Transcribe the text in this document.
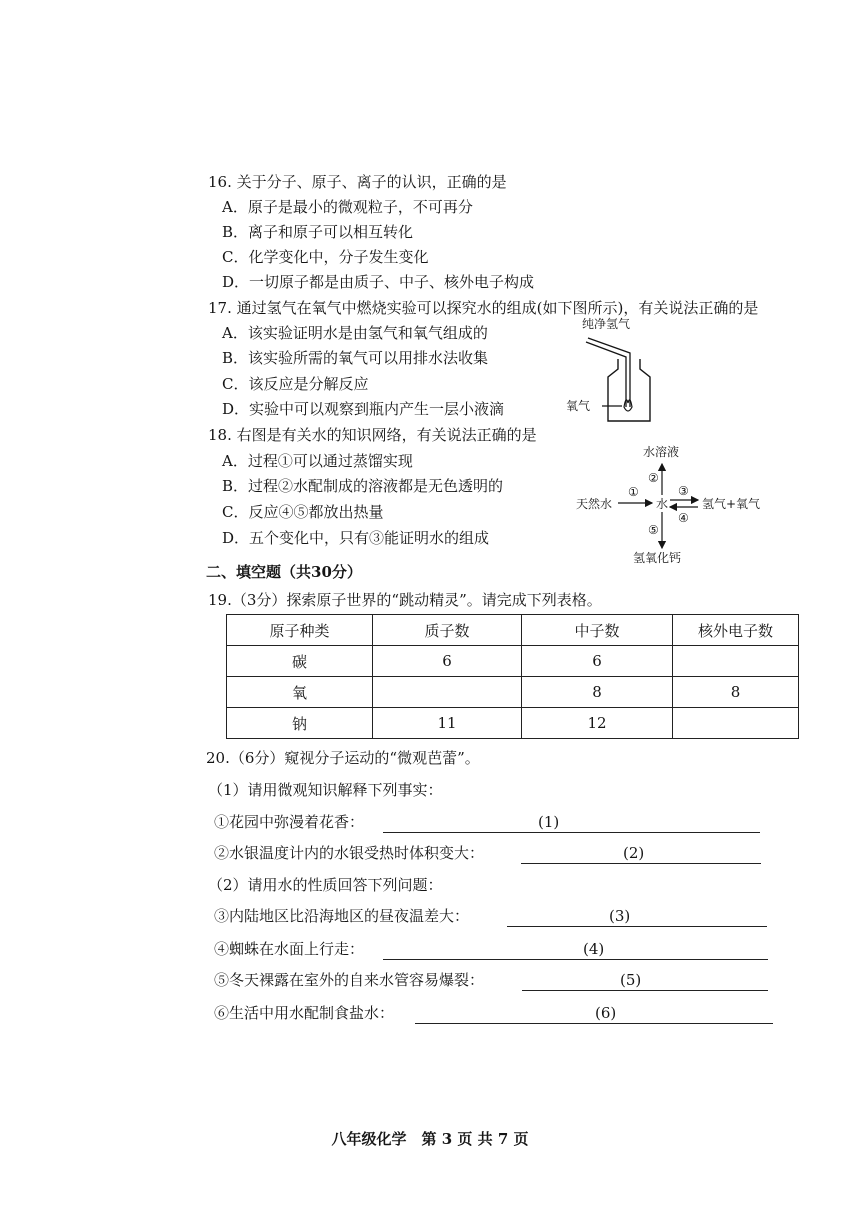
16. 关于分子、原子、离子的认识，正确的是
A．原子是最小的微观粒子，不可再分
B．离子和原子可以相互转化
C．化学变化中，分子发生变化
D．一切原子都是由质子、中子、核外电子构成
17. 通过氢气在氧气中燃烧实验可以探究水的组成(如下图所示)，有关说法正确的是
A．该实验证明水是由氢气和氧气组成的
B．该实验所需的氧气可以用排水法收集
C．该反应是分解反应
D．实验中可以观察到瓶内产生一层小液滴
纯净氢气
氧气
18. 右图是有关水的知识网络，有关说法正确的是
A．过程①可以通过蒸馏实现
B．过程②水配制成的溶液都是无色透明的
C．反应④⑤都放出热量
D．五个变化中，只有③能证明水的组成
水溶液
天然水	水	氢气+氧气
氢氧化钙
②
①	③
④
⑤
二、填空题（共30分）
19.（3分）探索原子世界的“跳动精灵”。请完成下列表格。
原子种类	质子数	中子数	核外电子数
碳	6	6	
氧		8	8
钠	11	12	
20.（6分）窥视分子运动的“微观芭蕾”。
（1）请用微观知识解释下列事实：
①花园中弥漫着花香：	(1)
②水银温度计内的水银受热时体积变大：	(2)
（2）请用水的性质回答下列问题：
③内陆地区比沿海地区的昼夜温差大：	(3)
④蜘蛛在水面上行走：	(4)
⑤冬天裸露在室外的自来水管容易爆裂：	(5)
⑥生活中用水配制食盐水：	(6)
八年级化学　第 3 页 共 7 页
